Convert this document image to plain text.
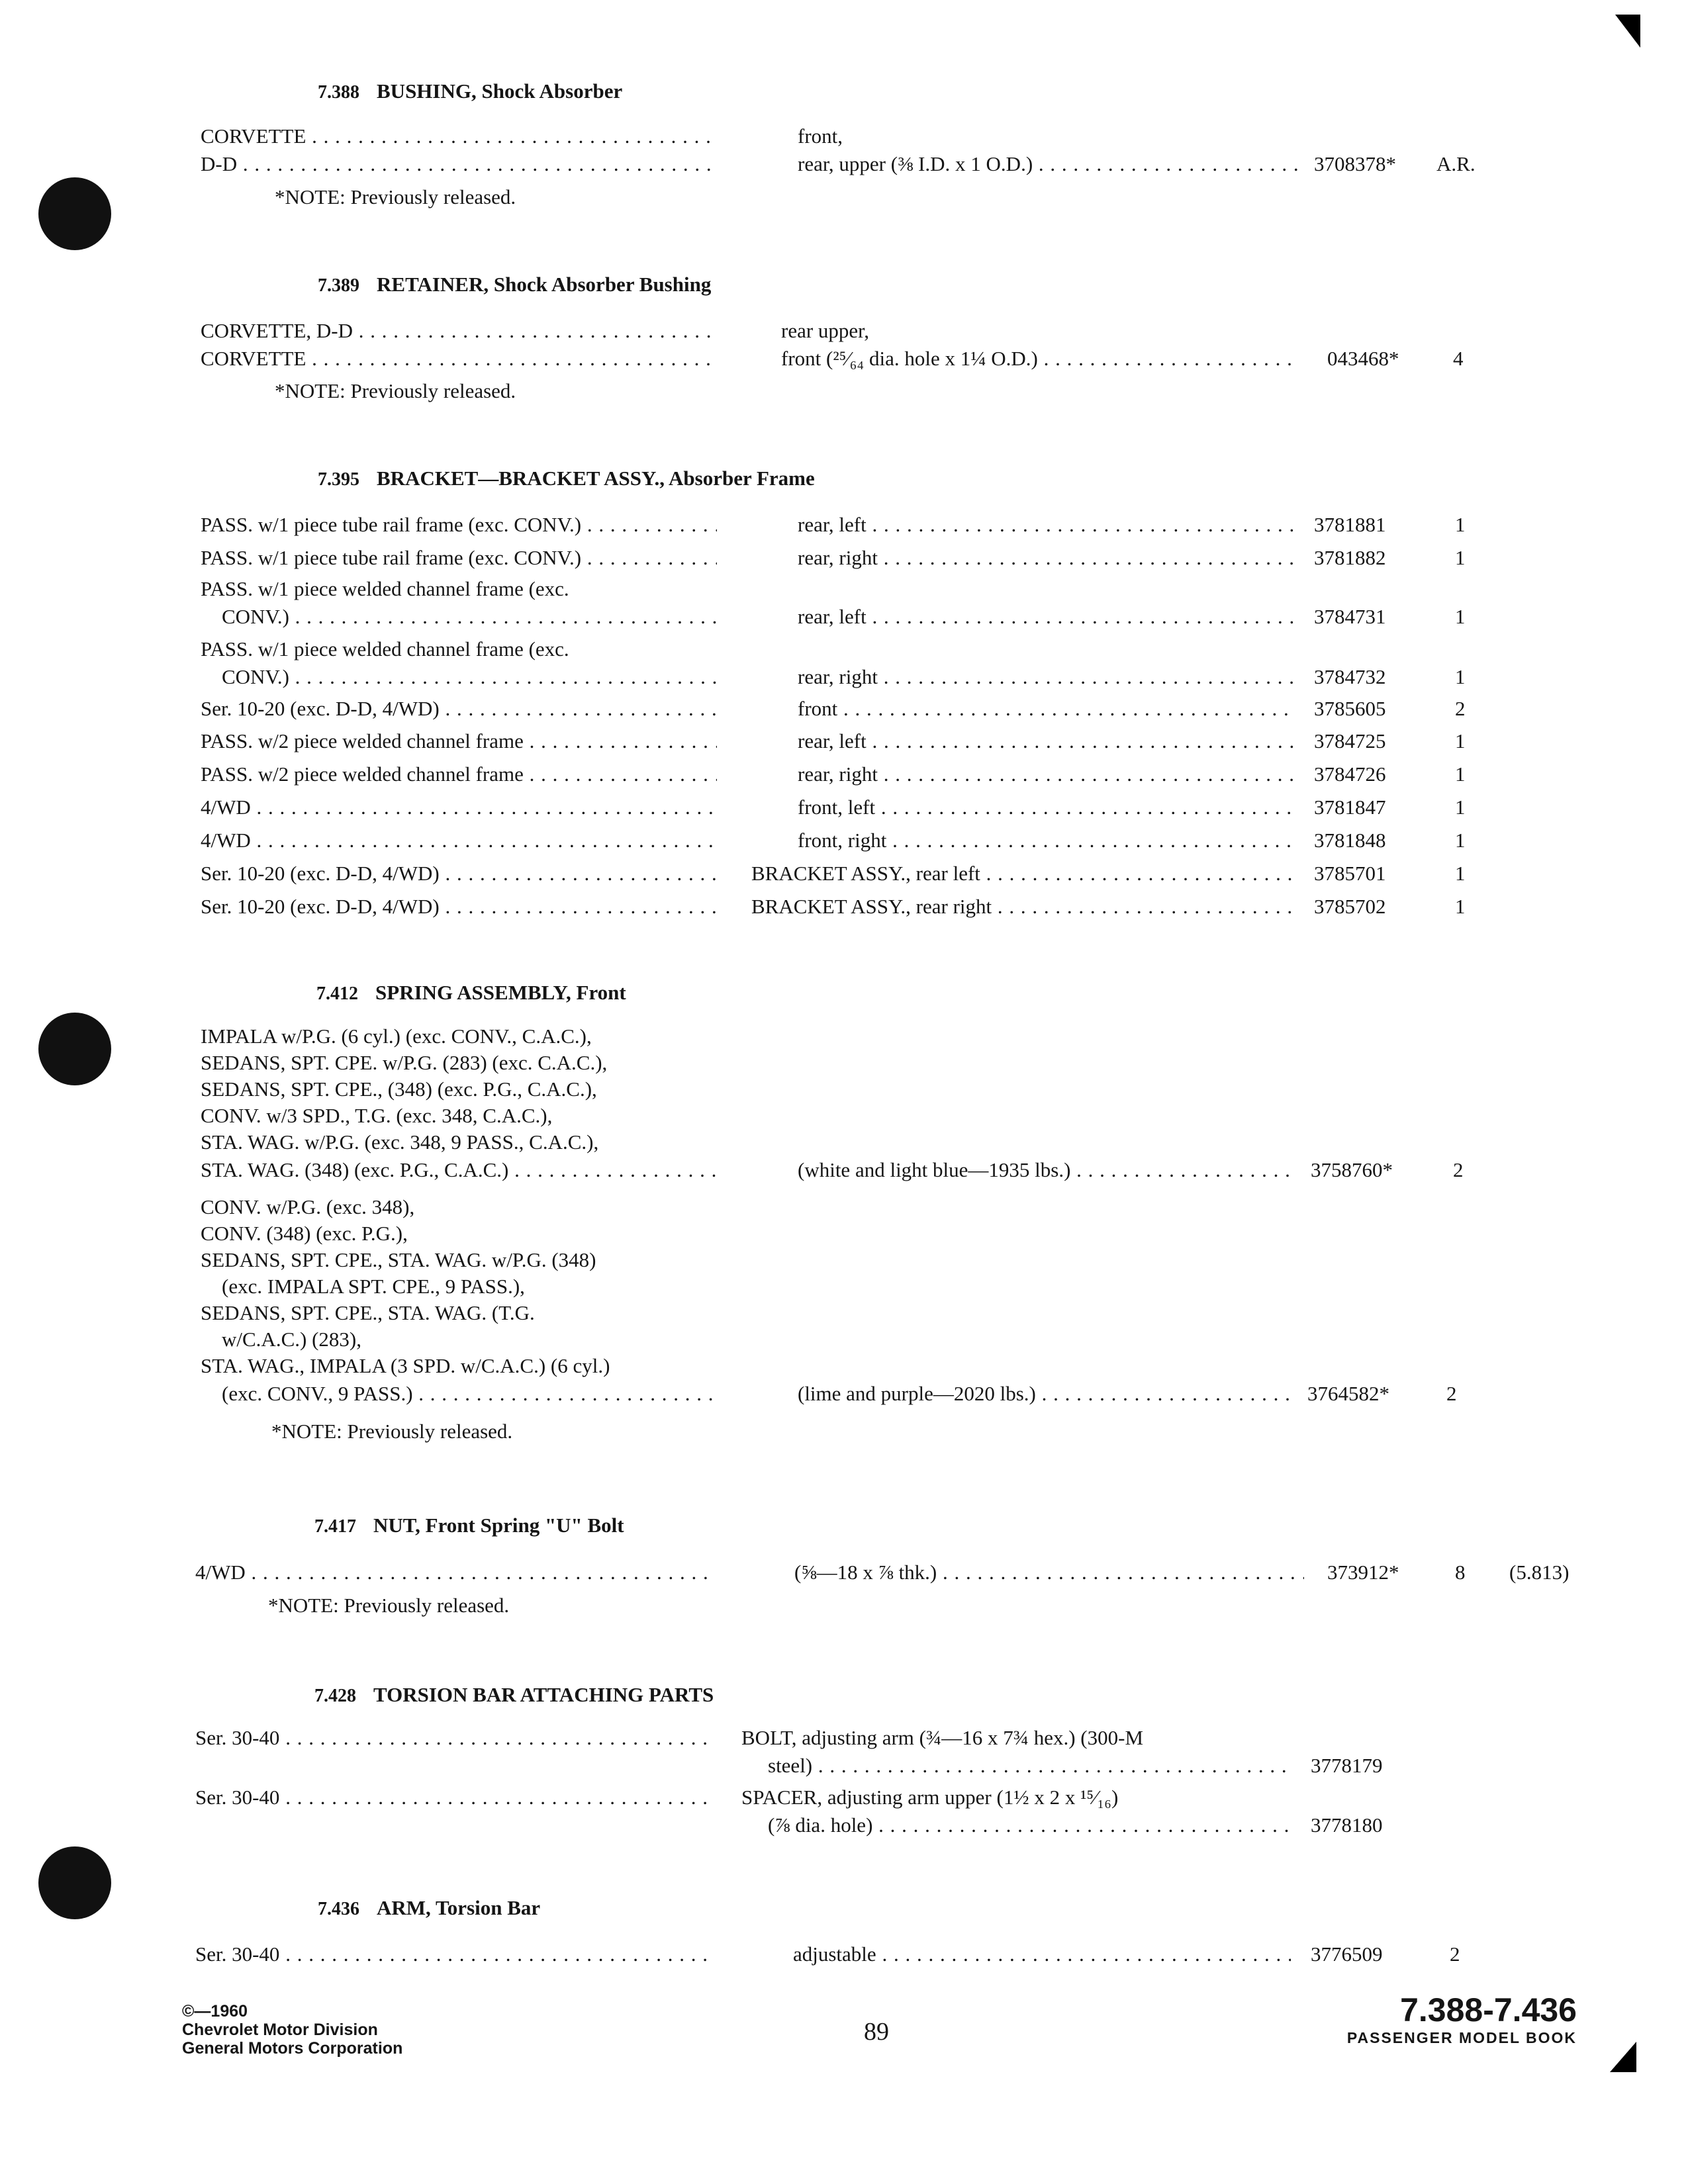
7.388 BUSHING, Shock Absorber
CORVETTE . . .	front,
D-D . . .	rear, upper (⅜ I.D. x 1 O.D.) . . .	3708378* A.R.
*NOTE: Previously released.
7.389 RETAINER, Shock Absorber Bushing
CORVETTE, D-D . . .	rear upper,
CORVETTE . . .	front (²⁵⁄₆₄ dia. hole x 1¼ O.D.) . . .	043468*	4
*NOTE: Previously released.
7.395 BRACKET—BRACKET ASSY., Absorber Frame
PASS. w/1 piece tube rail frame (exc. CONV.) . . .	rear, left . . .	3781881	1
PASS. w/1 piece tube rail frame (exc. CONV.) . . .	rear, right . . .	3781882	1
PASS. w/1 piece welded channel frame (exc.
CONV.) . . .	rear, left . . .	3784731	1
PASS. w/1 piece welded channel frame (exc.
CONV.) . . .	rear, right . . .	3784732	1
Ser. 10-20 (exc. D-D, 4/WD) . . .	front . . .	3785605	2
PASS. w/2 piece welded channel frame . . .	rear, left . . .	3784725	1
PASS. w/2 piece welded channel frame . . .	rear, right . . .	3784726	1
4/WD . . .	front, left . . .	3781847	1
4/WD . . .	front, right . . .	3781848	1
Ser. 10-20 (exc. D-D, 4/WD) . . .	BRACKET ASSY., rear left . . .	3785701	1
Ser. 10-20 (exc. D-D, 4/WD) . . .	BRACKET ASSY., rear right . . .	3785702	1
7.412 SPRING ASSEMBLY, Front
IMPALA w/P.G. (6 cyl.) (exc. CONV., C.A.C.),
SEDANS, SPT. CPE. w/P.G. (283) (exc. C.A.C.),
SEDANS, SPT. CPE., (348) (exc. P.G., C.A.C.),
CONV. w/3 SPD., T.G. (exc. 348, C.A.C.),
STA. WAG. w/P.G. (exc. 348, 9 PASS., C.A.C.),
STA. WAG. (348) (exc. P.G., C.A.C.) . . .	(white and light blue—1935 lbs.) . . .	3758760*	2
CONV. w/P.G. (exc. 348),
CONV. (348) (exc. P.G.),
SEDANS, SPT. CPE., STA. WAG. w/P.G. (348)
(exc. IMPALA SPT. CPE., 9 PASS.),
SEDANS, SPT. CPE., STA. WAG. (T.G.
w/C.A.C.) (283),
STA. WAG., IMPALA (3 SPD. w/C.A.C.) (6 cyl.)
(exc. CONV., 9 PASS.) . . .	(lime and purple—2020 lbs.) . . .	3764582*	2
*NOTE: Previously released.
7.417 NUT, Front Spring "U" Bolt
4/WD . . .	(⅝—18 x ⅞ thk.) . . .	373912*	8 (5.813)
*NOTE: Previously released.
7.428 TORSION BAR ATTACHING PARTS
Ser. 30-40 . . .	BOLT, adjusting arm (¾—16 x 7¾ hex.) (300-M
steel) . . .	3778179
Ser. 30-40 . . .	SPACER, adjusting arm upper (1½ x 2 x ¹⁵⁄₁₆)
(⅞ dia. hole) . . .	3778180
7.436 ARM, Torsion Bar
Ser. 30-40 . . .	adjustable . . .	3776509	2
©—1960
Chevrolet Motor Division
General Motors Corporation
89
7.388-7.436
PASSENGER MODEL BOOK
